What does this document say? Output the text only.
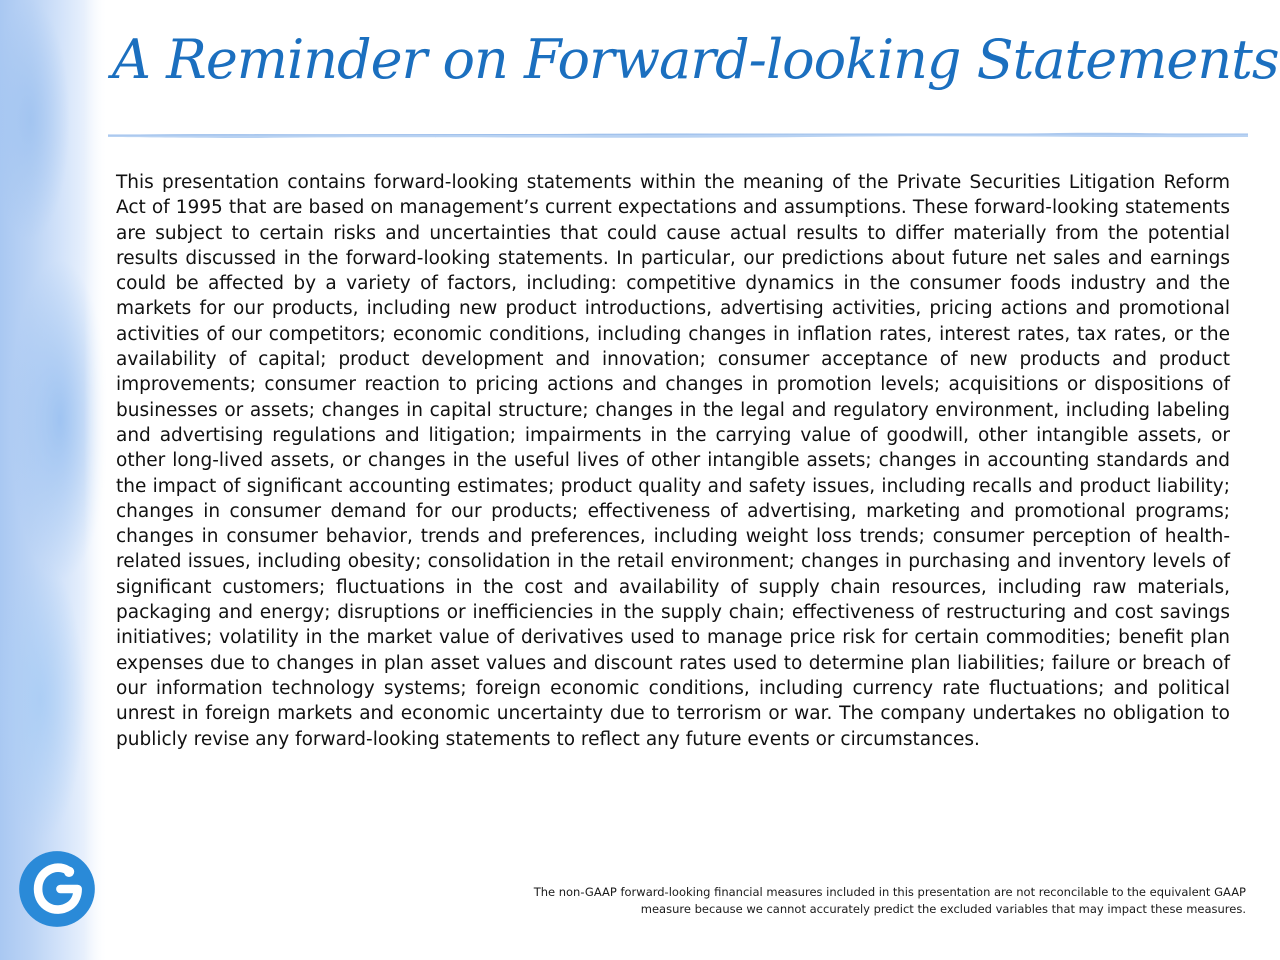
A Reminder on Forward-looking Statements

This presentation contains forward-looking statements within the meaning of the Private Securities Litigation Reform Act of 1995 that are based on management’s current expectations and assumptions. These forward-looking statements are subject to certain risks and uncertainties that could cause actual results to differ materially from the potential results discussed in the forward-looking statements. In particular, our predictions about future net sales and earnings could be affected by a variety of factors, including: competitive dynamics in the consumer foods industry and the markets for our products, including new product introductions, advertising activities, pricing actions and promotional activities of our competitors; economic conditions, including changes in inflation rates, interest rates, tax rates, or the availability of capital; product development and innovation; consumer acceptance of new products and product improvements; consumer reaction to pricing actions and changes in promotion levels; acquisitions or dispositions of businesses or assets; changes in capital structure; changes in the legal and regulatory environment, including labeling and advertising regulations and litigation; impairments in the carrying value of goodwill, other intangible assets, or other long-lived assets, or changes in the useful lives of other intangible assets; changes in accounting standards and the impact of significant accounting estimates; product quality and safety issues, including recalls and product liability; changes in consumer demand for our products; effectiveness of advertising, marketing and promotional programs; changes in consumer behavior, trends and preferences, including weight loss trends; consumer perception of health-related issues, including obesity; consolidation in the retail environment; changes in purchasing and inventory levels of significant customers; fluctuations in the cost and availability of supply chain resources, including raw materials, packaging and energy; disruptions or inefficiencies in the supply chain; effectiveness of restructuring and cost savings initiatives; volatility in the market value of derivatives used to manage price risk for certain commodities; benefit plan expenses due to changes in plan asset values and discount rates used to determine plan liabilities; failure or breach of our information technology systems; foreign economic conditions, including currency rate fluctuations; and political unrest in foreign markets and economic uncertainty due to terrorism or war. The company undertakes no obligation to publicly revise any forward-looking statements to reflect any future events or circumstances.

The non-GAAP forward-looking financial measures included in this presentation are not reconcilable to the equivalent GAAP
measure because we cannot accurately predict the excluded variables that may impact these measures.
